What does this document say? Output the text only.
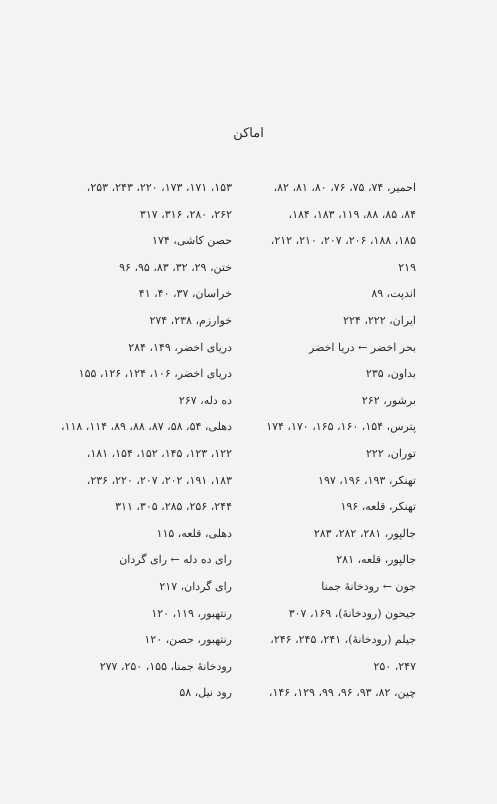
اماكن
احمير، ۷۴، ۷۵، ۷۶، ۸۰، ۸۱، ۸۲،
۸۴، ۸۵، ۸۸، ۱۱۹، ۱۸۳، ۱۸۴،
۱۸۵، ۱۸۸، ۲۰۶، ۲۰۷، ۲۱۰، ۲۱۲،
۲۱۹
اندپت، ۸۹
ایران، ۲۲۲، ۲۲۴
بحر اخضر ← دریا اخضر
بداون، ۲۳۵
برشور، ۲۶۲
پترس، ۱۵۴، ۱۶۰، ۱۶۵، ۱۷۰، ۱۷۴
توران، ۲۲۲
تهنکر، ۱۹۳، ۱۹۶، ۱۹۷
تهنکر، قلعه، ۱۹۶
جالپور، ۲۸۱، ۲۸۲، ۲۸۳
جالپور، قلعه، ۲۸۱
جون ← رودخانهٔ جمنا
جیحون (رودخانهٔ)، ۱۶۹، ۳۰۷
جیلم (رودخانهٔ)، ۲۴۱، ۲۴۵، ۲۴۶،
۲۴۷، ۲۵۰
چین، ۸۲، ۹۳، ۹۶، ۹۹، ۱۲۹، ۱۴۶،
۱۵۳، ۱۷۱، ۱۷۳، ۲۲۰، ۲۴۳، ۲۵۳،
۲۶۲، ۲۸۰، ۳۱۶، ۳۱۷
حصن کاشی، ۱۷۴
ختن، ۲۹، ۳۲، ۸۳، ۹۵، ۹۶
خراسان، ۳۷، ۴۰، ۴۱
خوارزم، ۲۳۸، ۲۷۴
دریای اخضر، ۱۴۹، ۲۸۴
دریای اخضر، ۱۰۶، ۱۲۴، ۱۲۶، ۱۵۵
ده دله، ۲۶۷
دهلی، ۵۴، ۵۸، ۸۷، ۸۸، ۸۹، ۱۱۴، ۱۱۸،
۱۲۲، ۱۲۳، ۱۴۵، ۱۵۲، ۱۵۴، ۱۸۱،
۱۸۳، ۱۹۱، ۲۰۲، ۲۰۷، ۲۲۰، ۲۳۶،
۲۴۴، ۲۵۶، ۲۸۵، ۳۰۵، ۳۱۱
دهلی، قلعه، ۱۱۵
رای ده دله ← رای گردان
رای گردان، ۲۱۷
رنتهبور، ۱۱۹، ۱۲۰
رنتهبور، حصن، ۱۲۰
رودخانهٔ جمنا، ۱۵۵، ۲۵۰، ۲۷۷
رود نیل، ۵۸
